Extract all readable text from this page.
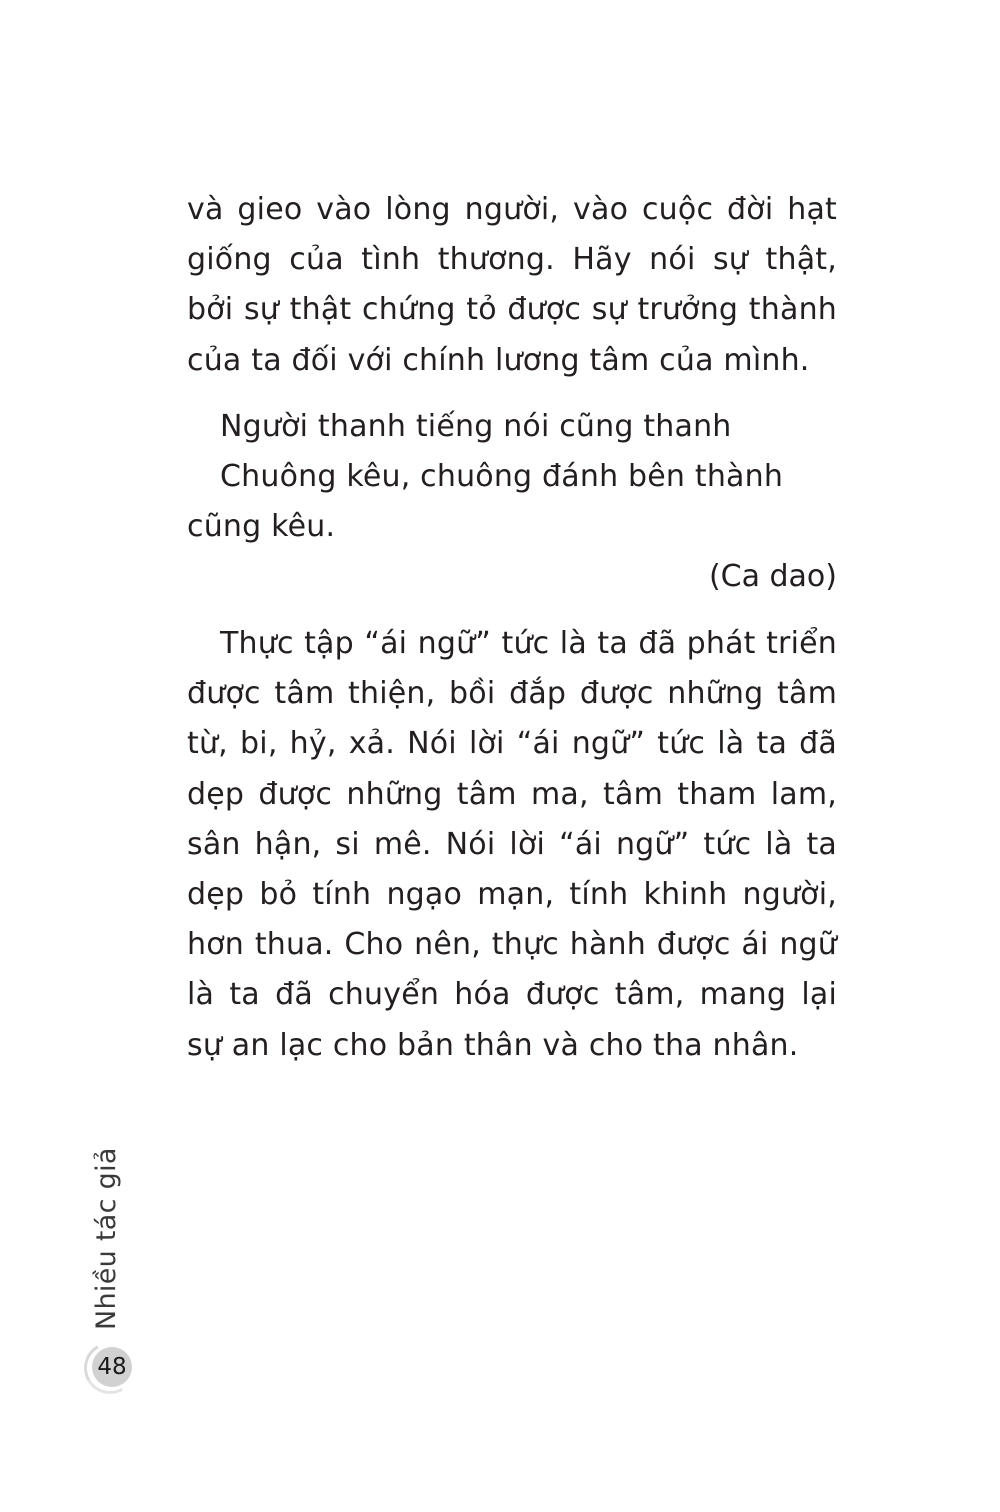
và gieo vào lòng người, vào cuộc đời hạt giống của tình thương. Hãy nói sự thật, bởi sự thật chứng tỏ được sự trưởng thành của ta đối với chính lương tâm của mình.
Người thanh tiếng nói cũng thanh
Chuông kêu, chuông đánh bên thành
cũng kêu.
(Ca dao)
Thực tập “ái ngữ” tức là ta đã phát triển được tâm thiện, bồi đắp được những tâm từ, bi, hỷ, xả. Nói lời “ái ngữ” tức là ta đã dẹp được những tâm ma, tâm tham lam, sân hận, si mê. Nói lời “ái ngữ” tức là ta dẹp bỏ tính ngạo mạn, tính khinh người, hơn thua. Cho nên, thực hành được ái ngữ là ta đã chuyển hóa được tâm, mang lại sự an lạc cho bản thân và cho tha nhân.
Nhiều tác giả
48
